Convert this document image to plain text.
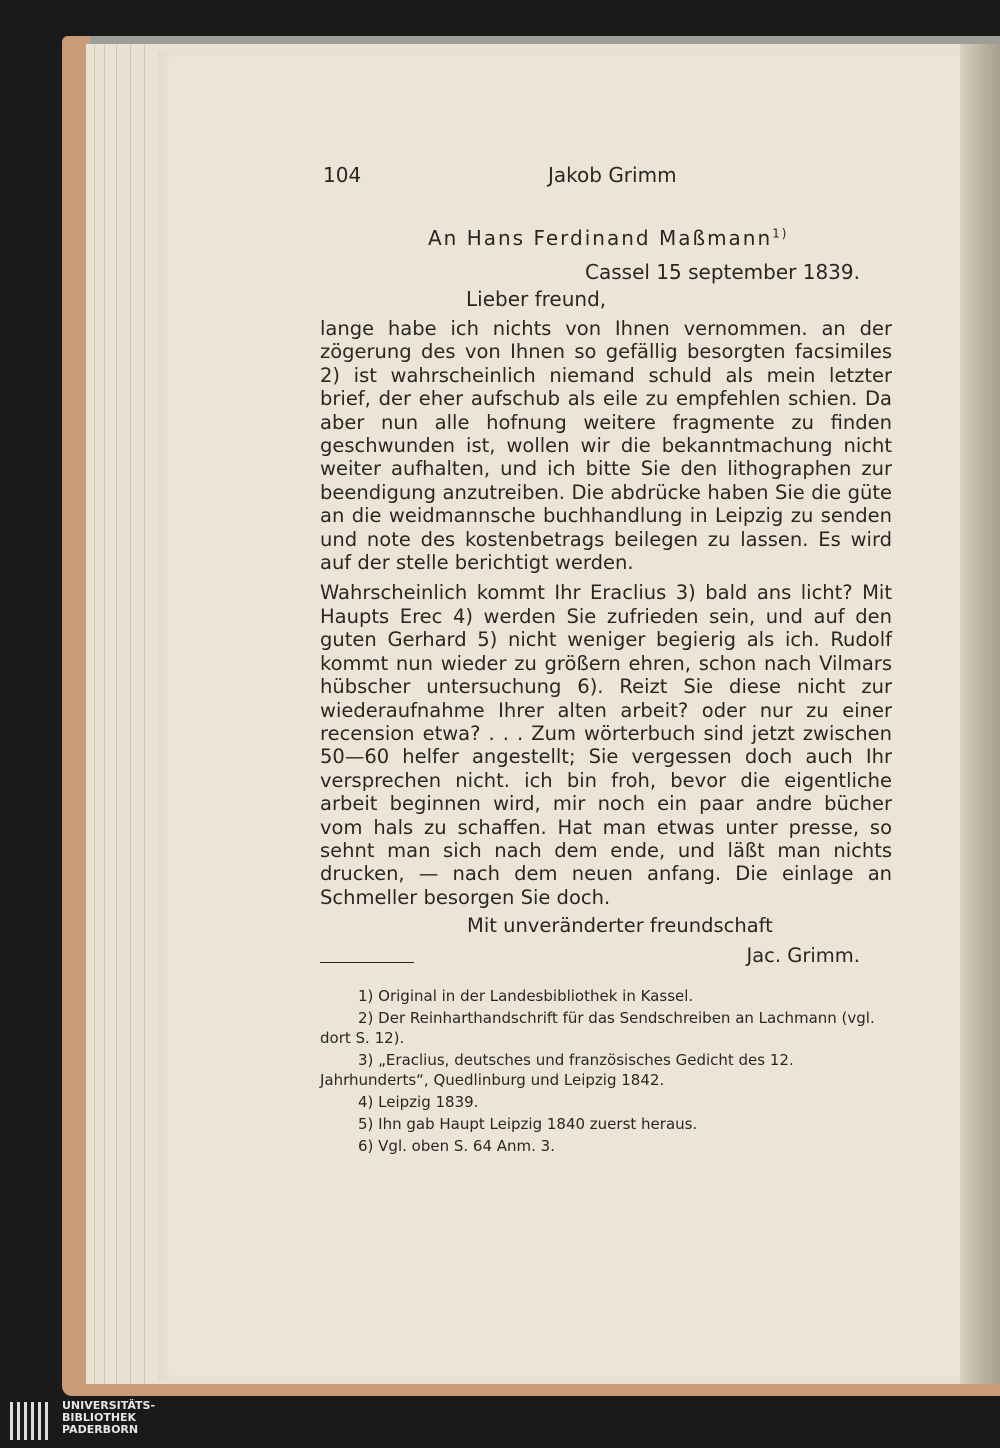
104	Jakob Grimm
An Hans Ferdinand Maßmann$^{1)}$
Cassel 15 september 1839.
Lieber freund,

lange habe ich nichts von Ihnen vernommen. an der zögerung des von Ihnen so gefällig besorgten facsimiles 2) ist wahrscheinlich niemand schuld als mein letzter brief, der eher aufschub als eile zu empfehlen schien. Da aber nun alle hofnung weitere fragmente zu finden geschwunden ist, wollen wir die bekanntmachung nicht weiter aufhalten, und ich bitte Sie den lithographen zur beendigung anzutreiben. Die abdrücke haben Sie die güte an die weidmannsche buchhandlung in Leipzig zu senden und note des kostenbetrags beilegen zu lassen. Es wird auf der stelle berichtigt werden.

Wahrscheinlich kommt Ihr Eraclius 3) bald ans licht? Mit Haupts Erec 4) werden Sie zufrieden sein, und auf den guten Gerhard 5) nicht weniger begierig als ich. Rudolf kommt nun wieder zu größern ehren, schon nach Vilmars hübscher untersuchung 6). Reizt Sie diese nicht zur wiederaufnahme Ihrer alten arbeit? oder nur zu einer recension etwa? . . . Zum wörterbuch sind jetzt zwischen 50—60 helfer angestellt; Sie vergessen doch auch Ihr versprechen nicht. ich bin froh, bevor die eigentliche arbeit beginnen wird, mir noch ein paar andre bücher vom hals zu schaffen. Hat man etwas unter presse, so sehnt man sich nach dem ende, und läßt man nichts drucken, — nach dem neuen anfang. Die einlage an Schmeller besorgen Sie doch.

Mit unveränderter freundschaft
Jac. Grimm.
1) Original in der Landesbibliothek in Kassel.
2) Der Reinharthandschrift für das Sendschreiben an Lachmann (vgl. dort S. 12).
3) „Eraclius, deutsches und französisches Gedicht des 12. Jahrhunderts“, Quedlinburg und Leipzig 1842.
4) Leipzig 1839.
5) Ihn gab Haupt Leipzig 1840 zuerst heraus.
6) Vgl. oben S. 64 Anm. 3.
UNIVERSITÄTS-
BIBLIOTHEK
PADERBORN
